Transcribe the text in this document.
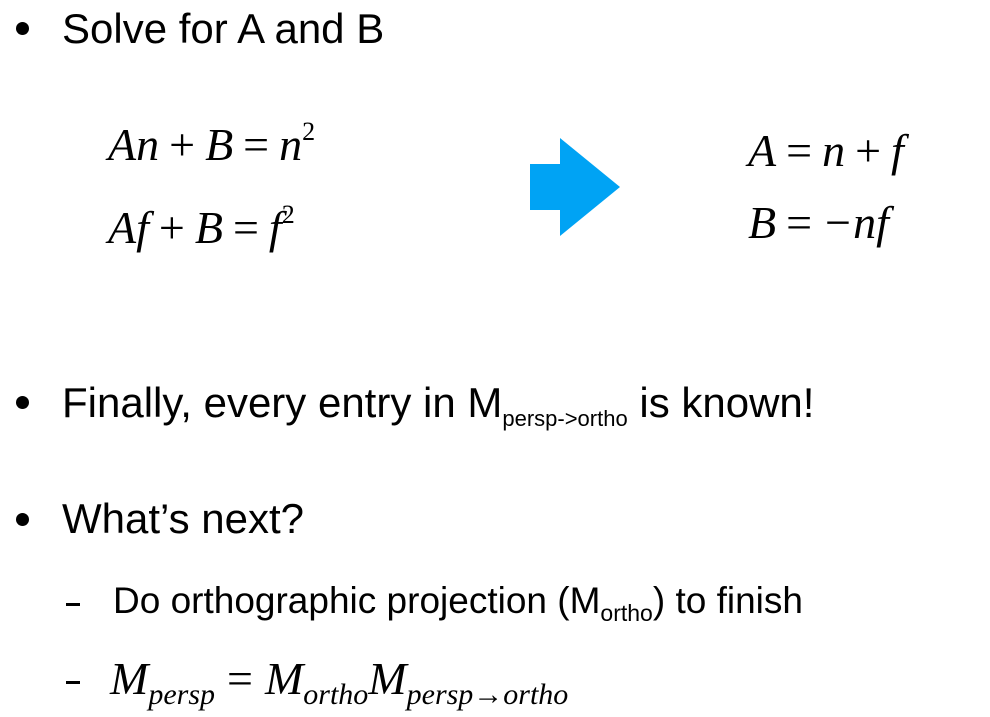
Solve for A and B
$An + B = n^2$
$Af + B = f^2$
A = n + f
B = −nf
Finally, every entry in $M_{persp->ortho}$ is known!
What’s next?
Do orthographic projection $(M_{ortho})$ to finish
$M_{persp} = M_{ortho}M_{persp\to ortho}$
